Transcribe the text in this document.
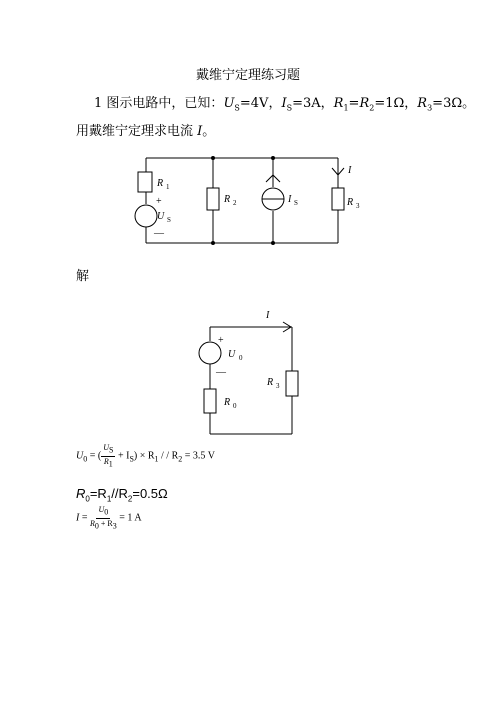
戴维宁定理练习题
1 图示电路中，已知：$U_S=4V$，$I_S=3A$，$R_1=R_2=1\Omega$，$R_3=3\Omega$。
用戴维宁定理求电流 I。
R 1
+
U S
—
R 2	I S
I
R 3
解
I
+
U 0
—
R 3
R 0
$U_0$ = ( $\frac{US}{R1} + I_S) \times R_1$ / / $R_2 = 3.5$ V
$R_0=R_1//R_2=0.5\Omega$
$I = \frac{U0}{R0 + R3} = 1$ A
